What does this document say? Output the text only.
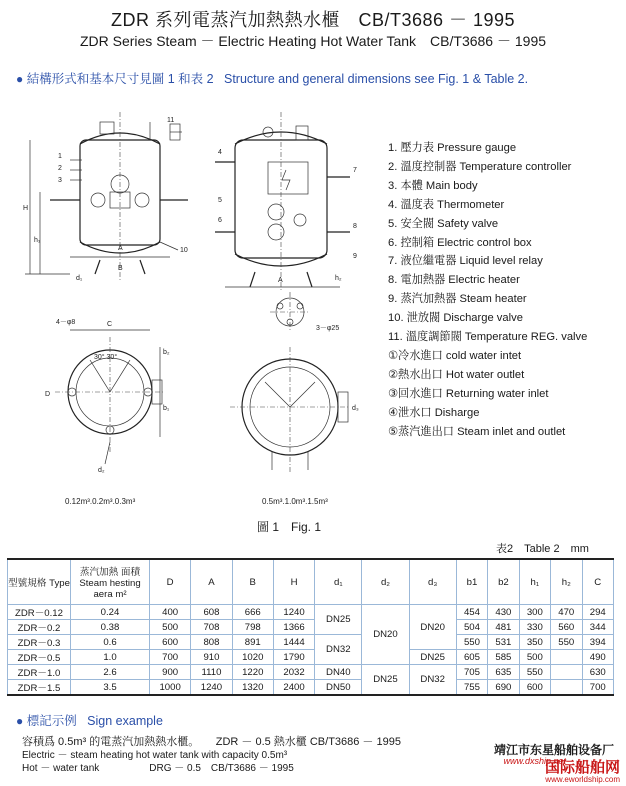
ZDR 系列電蒸汽加熱熱水櫃　CB/T3686 － 1995
ZDR Series Steam － Electric Heating Hot Water Tank　CB/T3686 － 1995
● 結構形式和基本尺寸見圖 1 和表 2 Structure and general dimensions see Fig. 1 & Table 2.
H
h₁
A
B
d₁
1
2
3
11
10
A
4
5
6
7
8
9
h₂
C
30° 30°
4－φ8
b₂
b₁
d₂
D
3－φ25
d₃
0.12m³.0.2m³.0.3m³	0.5m³.1.0m³.1.5m³
1. 壓力表 Pressure gauge
2. 溫度控制器 Temperature controller
3. 本體 Main body
4. 溫度表 Thermometer
5. 安全閥 Safety valve
6. 控制箱 Electric control box
7. 液位繼電器 Liquid level relay
8. 電加熱器 Electric heater
9. 蒸汽加熱器 Steam heater
10. 泄放閥 Discharge valve
11. 溫度調節閥 Temperature REG. valve
①冷水進口 cold water intet
②熱水出口 Hot water outlet
③回水進口 Returning water inlet
④泄水口 Disharge
⑤蒸汽進出口 Steam inlet and outlet
圖 1　Fig. 1
表2　Table 2　mm
型號規格 Type	蒸汽加熱 面積Steam hesting aera m²	D	A	B	H	d₁	d₂	d₃	b1	b2	h₁	h₂	C
ZDR－0.12	0.24	400	608	666	1240	DN25	DN20	DN20	454	430	300	470	294
ZDR－0.2	0.38	500	708	798	1366				504	481	330	560	344
ZDR－0.3	0.6	600	808	891	1444	DN32			550	531	350	550	394
ZDR－0.5	1.0	700	910	1020	1790			DN25	605	585	500		490
ZDR－1.0	2.6	900	1110	1220	2032	DN40	DN25	DN32	705	635	550		630
ZDR－1.5	3.5	1000	1240	1320	2400	DN50			755	690	600		700
● 標記示例 Sign example
容積爲 0.5m³ 的電蒸汽加熱熱水櫃。　　ZDR － 0.5 熱水櫃 CB/T3686 － 1995
Electric － steam heating hot water tank with capacity 0.5m³
Hot － water tank　　　　　DRG － 0.5　CB/T3686 － 1995
靖江市东星船舶设备厂
www.dxship.net
国际船舶网
www.eworldship.com
